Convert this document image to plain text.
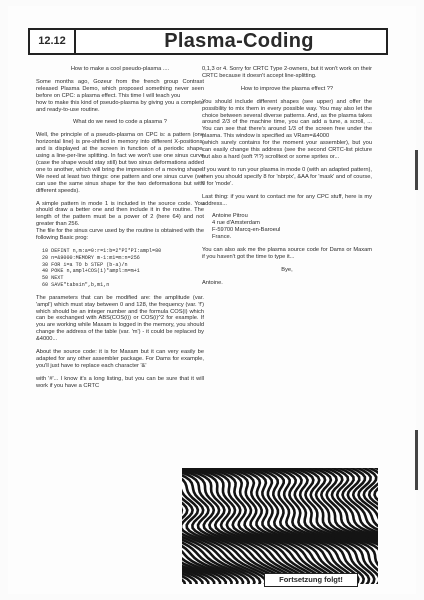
12.12	Plasma-Coding

How to make a cool pseudo-plasma ....

Some months ago, Gozeur from the french group Contrast released Plasma Demo, which proposed something never seen before on CPC: a plasma effect. This time I will teach you
how to make this kind of pseudo-plasma by giving you a complete and ready-to-use routine.

What do we need to code a plasma ?

Well, the principle of a pseudo-plasma on CPC is: a pattern (one horizontal line) is pre-shifted in memory into different X-positions, and is displayed at the screen in function of a periodic shape, using a line-per-line splitting. In fact we won't use one sinus curve (case the shape would stay still) but two sinus deformations added one to another, which will bring the impression of a moving shape. We need at least two things: one pattern and one sinus curve (we can use the same sinus shape for the two deformations but with different speeds).

A simple pattern in mode 1 is included in the source code. You should draw a better one and then include it in the routine. The length of the pattern must be a power of 2 (here 64) and not greater than 256.
The file for the sinus curve used by the routine is obtained with the following Basic prog:

10 DEFINT n,m:a=0:r=1:b=2*PI*PI:ampl=80
20 n=&9000:MEMORY m-1:m1=m:n=256
30 FOR i=a TO b STEP (b-a)/n
40 POKE n,ampl+COS(i)*ampl:m=m+1
50 NEXT
60 SAVE"tabsin",b,m1,n

The parameters that can be modified are: the amplitude (var. 'ampl') which must stay between 0 and 128, the frequency (var. 'f') which should be an integer number and the formula COS(i) which can be exchanged with ABS(COS(i)) or COS(i)^2 for example. If you are working while Maxam is logged in the memory, you should change the address of the table (var. 'm') - it could be replaced by &4000...

About the source code: it is for Maxam but it can very easily be adapted for any other assembler package. For Dams for example, you'll just have to replace each character '&'

with '#'... I know it's a long listing, but you can be sure that it will work if you have a CRTC

0,1,3 or 4. Sorry for CRTC Type 2-owners, but it won't work on their CRTC because it doesn't accept line-splitting.

How to improve the plasma effect ??

You should include different shapes (see upper) and offer the possibility to mix them in every possible way. You may also let the choice between several diverse patterns. And, as the plasma takes around 2/3 of the machine time, you can add a tune, a scroll, ... You can see that there's around 1/3 of the screen free under the plasma. This window is specified as VRam=&4000
(which surely contains for the moment your assembler), but you can easily change this address (see the second CRTC-list picture but also a hard (soft ?!?) scrolltext or some sprites or...

If you want to run your plasma in mode 0 (with an adapted pattern), then you should specify 8 for 'nbrpix', &AA for 'mask' and of course, 0 for 'mode'.

Last thing: if you want to contact me for any CPC stuff, here is my address...

Antoine Pitrou
4 rue d'Amsterdam
F-59700 Marcq-en-Baroeul
France.

You can also ask me the plasma source code for Dams or Maxam if you haven't got the time to type it...

Bye,

Antoine.

Fortsetzung folgt!
